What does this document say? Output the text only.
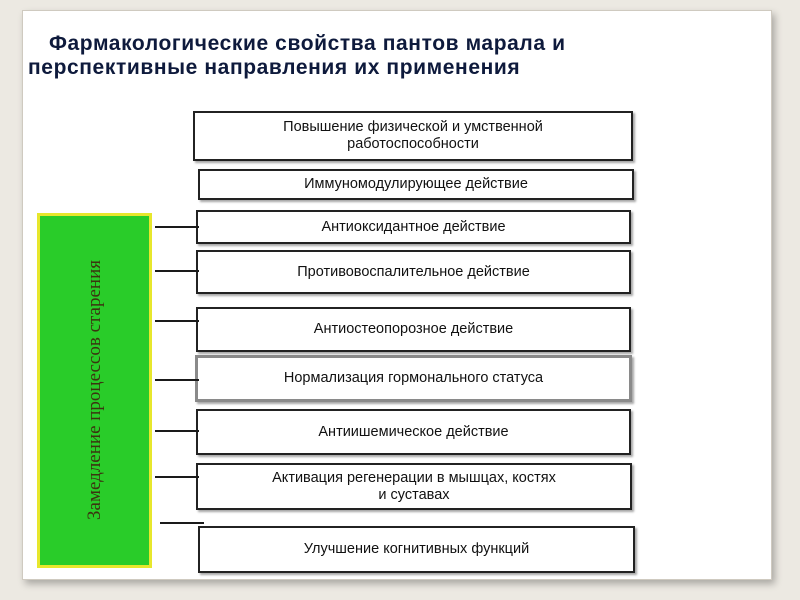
Фармакологические свойства пантов марала и
перспективные направления их применения
Замедление процессов старения
Повышение физической и умственной
работоспособности
Иммуномодулирующее действие
Антиоксидантное действие
Противовоспалительное действие
Антиостеопорозное действие
Нормализация гормонального статуса
Антиишемическое действие
Активация регенерации в мышцах, костях
и суставах
Улучшение когнитивных функций
